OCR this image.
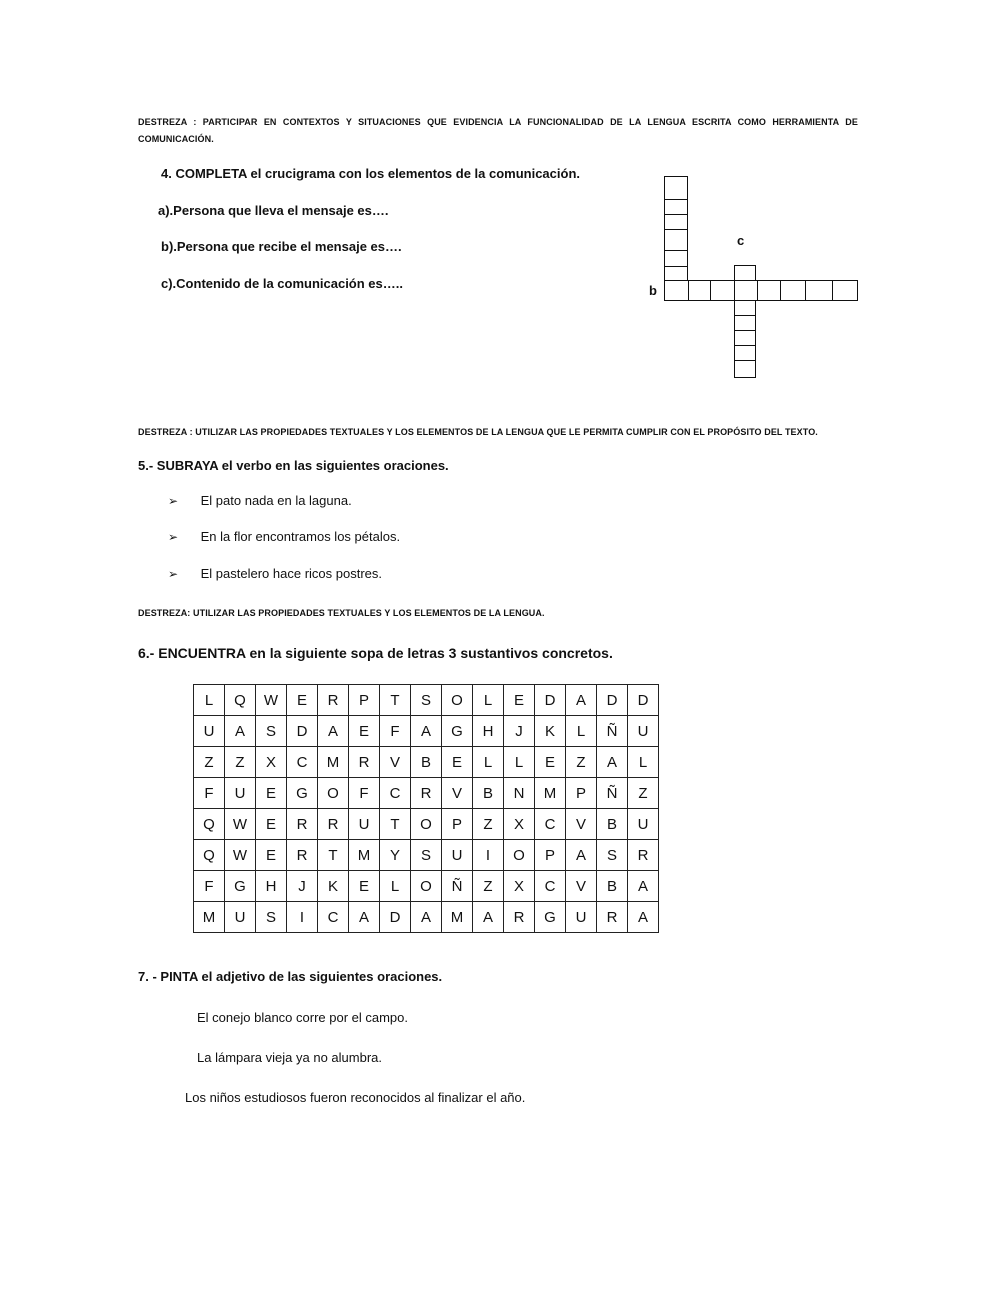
DESTREZA : PARTICIPAR EN CONTEXTOS Y SITUACIONES QUE EVIDENCIA LA FUNCIONALIDAD DE LA LENGUA ESCRITA COMO HERRAMIENTA DE COMUNICACIÓN.
4. COMPLETA el crucigrama con los elementos de la comunicación.
a).Persona que lleva el mensaje es….
b).Persona que recibe el mensaje es….
c).Contenido de la comunicación es…..
c
b
DESTREZA : UTILIZAR LAS PROPIEDADES TEXTUALES Y LOS ELEMENTOS DE LA LENGUA QUE LE PERMITA CUMPLIR CON EL PROPÓSITO DEL TEXTO.
5.- SUBRAYA el verbo en las siguientes oraciones.
➢ El pato nada en la laguna.
➢ En la flor encontramos los pétalos.
➢ El pastelero hace ricos postres.
DESTREZA: UTILIZAR LAS PROPIEDADES TEXTUALES Y LOS ELEMENTOS DE LA LENGUA.
6.- ENCUENTRA en la siguiente sopa de letras 3 sustantivos concretos.
L	Q	W	E	R	P	T	S	O	L	E	D	A	D	D
U	A	S	D	A	E	F	A	G	H	J	K	L	Ñ	U
Z	Z	X	C	M	R	V	B	E	L	L	E	Z	A	L
F	U	E	G	O	F	C	R	V	B	N	M	P	Ñ	Z
Q	W	E	R	R	U	T	O	P	Z	X	C	V	B	U
Q	W	E	R	T	M	Y	S	U	I	O	P	A	S	R
F	G	H	J	K	E	L	O	Ñ	Z	X	C	V	B	A
M	U	S	I	C	A	D	A	M	A	R	G	U	R	A
7. - PINTA el adjetivo de las siguientes oraciones.
El conejo blanco corre por el campo.
La lámpara vieja ya no alumbra.
Los niños estudiosos fueron reconocidos al finalizar el año.
